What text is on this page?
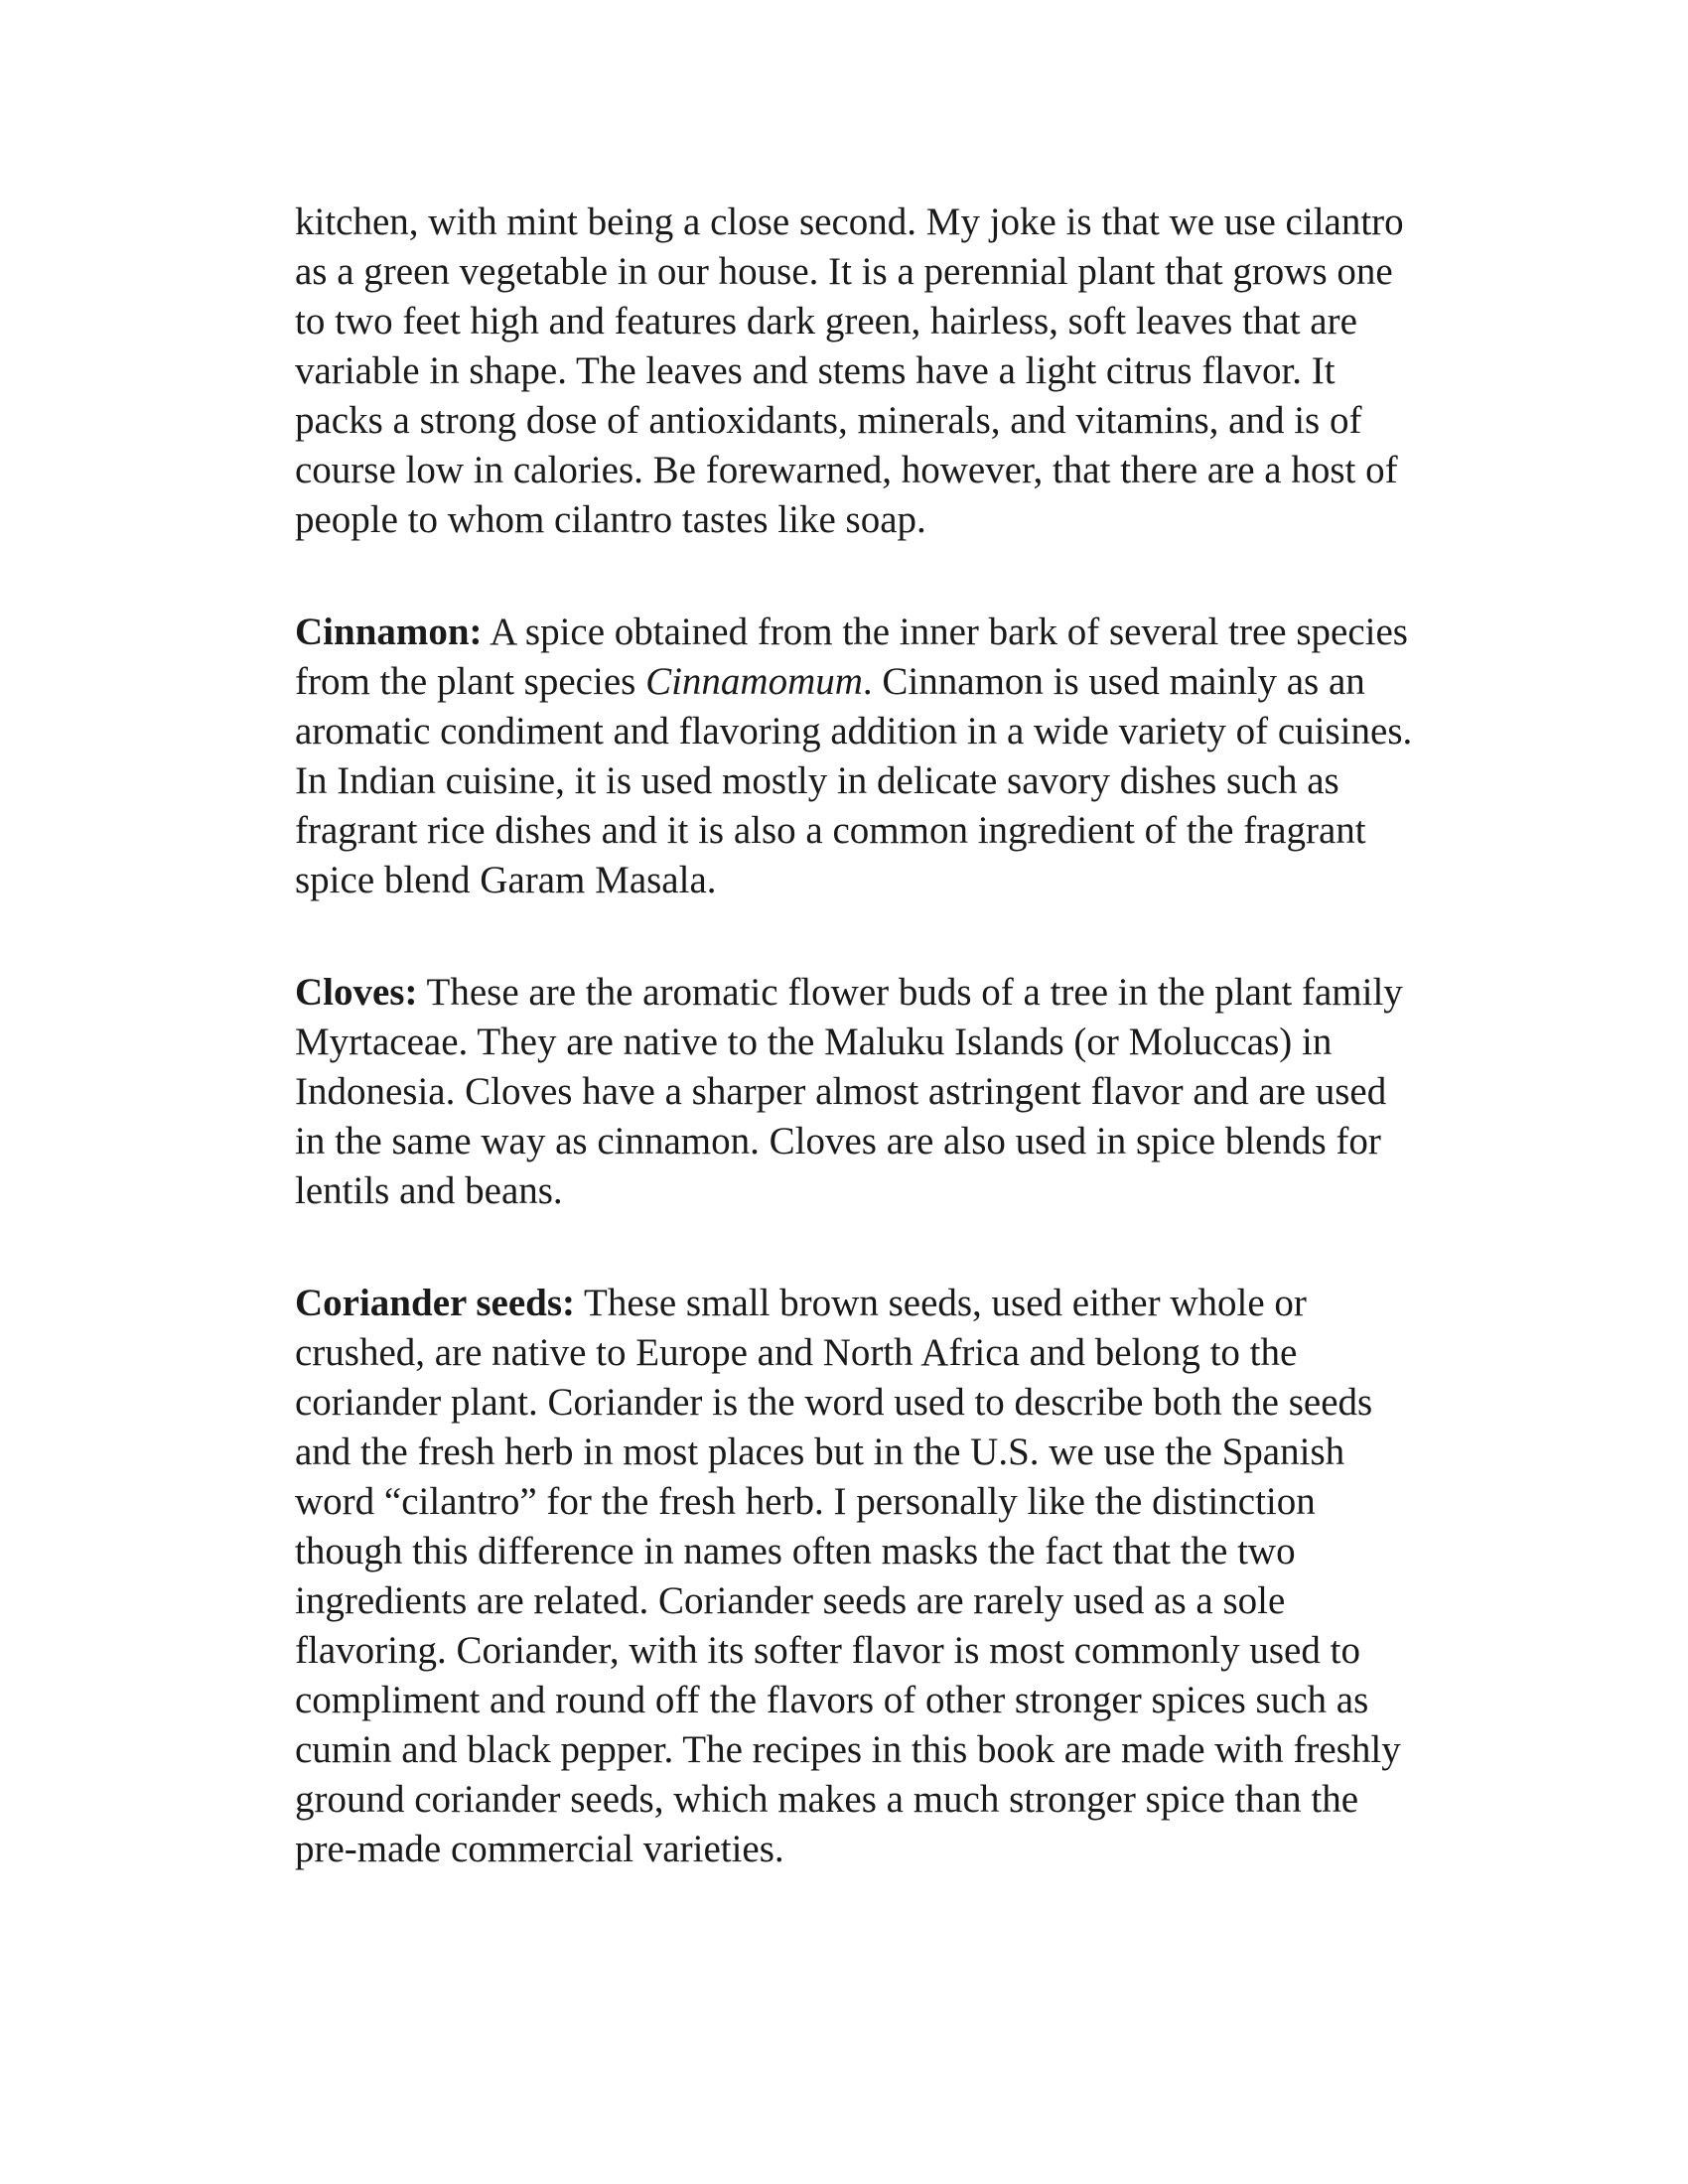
kitchen, with mint being a close second. My joke is that we use cilantro as a green vegetable in our house. It is a perennial plant that grows one to two feet high and features dark green, hairless, soft leaves that are variable in shape. The leaves and stems have a light citrus flavor. It packs a strong dose of antioxidants, minerals, and vitamins, and is of course low in calories. Be forewarned, however, that there are a host of people to whom cilantro tastes like soap.

Cinnamon: A spice obtained from the inner bark of several tree species from the plant species Cinnamomum. Cinnamon is used mainly as an aromatic condiment and flavoring addition in a wide variety of cuisines. In Indian cuisine, it is used mostly in delicate savory dishes such as fragrant rice dishes and it is also a common ingredient of the fragrant spice blend Garam Masala.

Cloves: These are the aromatic flower buds of a tree in the plant family Myrtaceae. They are native to the Maluku Islands (or Moluccas) in Indonesia. Cloves have a sharper almost astringent flavor and are used in the same way as cinnamon. Cloves are also used in spice blends for lentils and beans.

Coriander seeds: These small brown seeds, used either whole or crushed, are native to Europe and North Africa and belong to the coriander plant. Coriander is the word used to describe both the seeds and the fresh herb in most places but in the U.S. we use the Spanish word “cilantro” for the fresh herb. I personally like the distinction though this difference in names often masks the fact that the two ingredients are related. Coriander seeds are rarely used as a sole flavoring. Coriander, with its softer flavor is most commonly used to compliment and round off the flavors of other stronger spices such as cumin and black pepper. The recipes in this book are made with freshly ground coriander seeds, which makes a much stronger spice than the pre-made commercial varieties.
